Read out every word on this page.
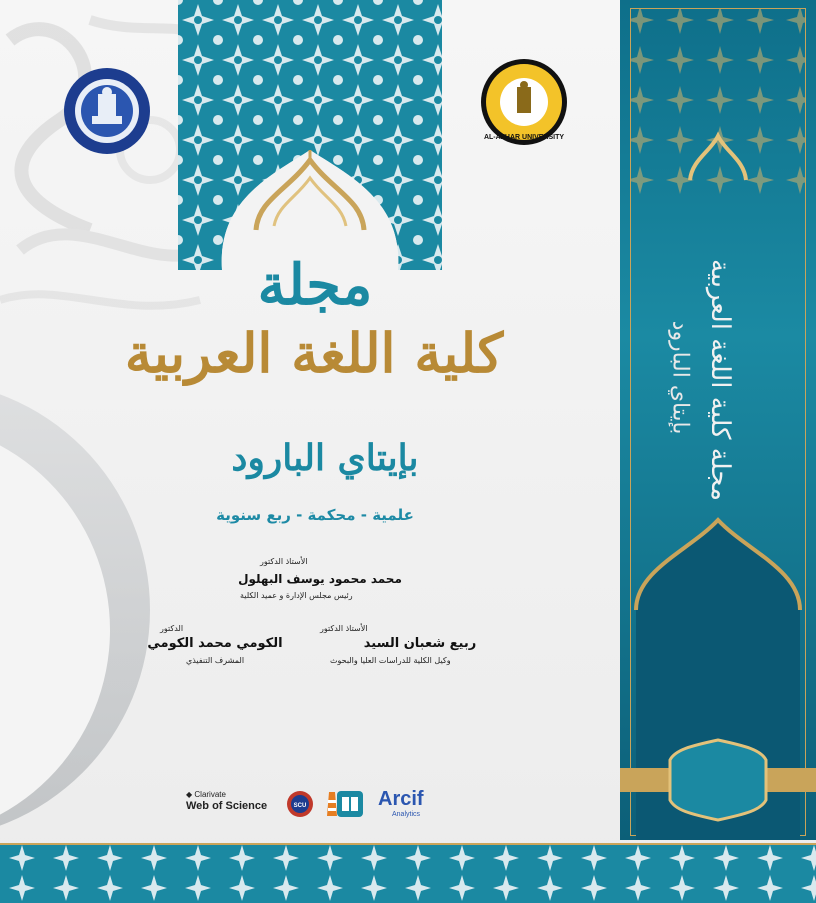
AL-AZHAR UNIVERSITY
مجلة
كلية اللغة العربية
بإيتاي البارود
علمية - محكمة - ربع سنوية
الأستاذ الدكتور
محمد محمود يوسف البهلول
رئيس مجلس الإدارة و عميد الكلية
الأستاذ الدكتور
ربيع شعبان السيد
وكيل الكلية للدراسات العليا والبحوث
الدكتور
الكومي محمد الكومي
المشرف التنفيذي
◆ Clarivate
Web of Science	SCU	Arcif
Analytics
مجلة كلية اللغة العربية
بإيتاي البارود
